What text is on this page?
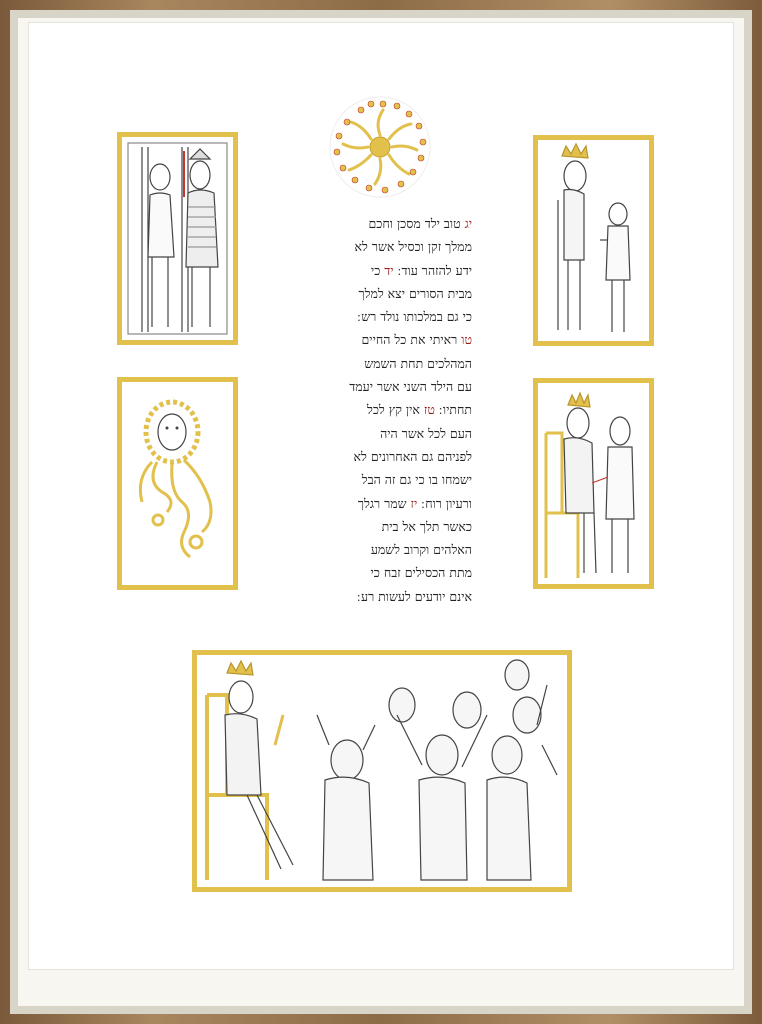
יג טוב ילד מסכן וחכם
ממלך זקן וכסיל אשר לא
ידע להזהר עוד ׃ יד כי
מבית הסורים יצא למלך
כי גם במלכותו נולד רש ׃
טו ראיתי את כל החיים
המהלכים תחת השמש
עם הילד השני אשר יעמד
תחתיו ׃ טז אין קץ לכל
העם לכל אשר היה
לפניהם גם האחרונים לא
ישמחו בו כי גם זה הבל
ורעיון רוח ׃ יז שמר רגלך
כאשר תלך אל בית
האלהים וקרוב לשמע
מתת הכסילים זבח כי
אינם יודעים לעשות רע ׃
